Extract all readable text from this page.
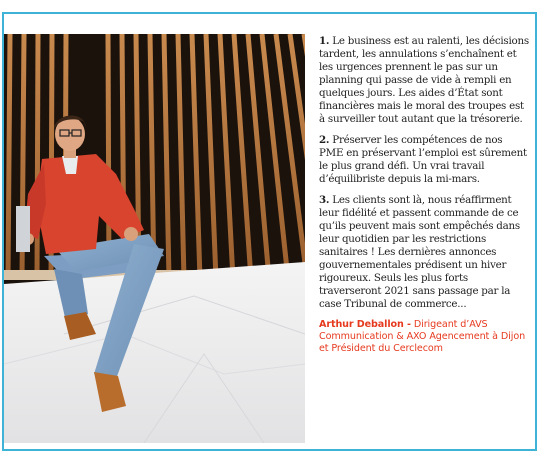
1. Le business est au ralenti, les décisions tardent, les annulations s’enchaînent et les urgences prennent le pas sur un planning qui passe de vide à rempli en quelques jours. Les aides d’État sont financières mais le moral des troupes est à surveiller tout autant que la trésorerie.

2. Préserver les compétences de nos PME en préservant l’emploi est sûrement le plus grand défi. Un vrai travail d’équilibriste depuis la mi-mars.

3. Les clients sont là, nous réaffirment leur fidélité et passent commande de ce qu’ils peuvent mais sont empêchés dans leur quotidien par les restrictions sanitaires ! Les dernières annonces gouvernementales prédisent un hiver rigoureux. Seuls les plus forts traverseront 2021 sans passage par la case Tribunal de commerce...

Arthur Deballon - Dirigeant d’AVS Communication & AXO Agencement à Dijon et Président du Cerclecom
